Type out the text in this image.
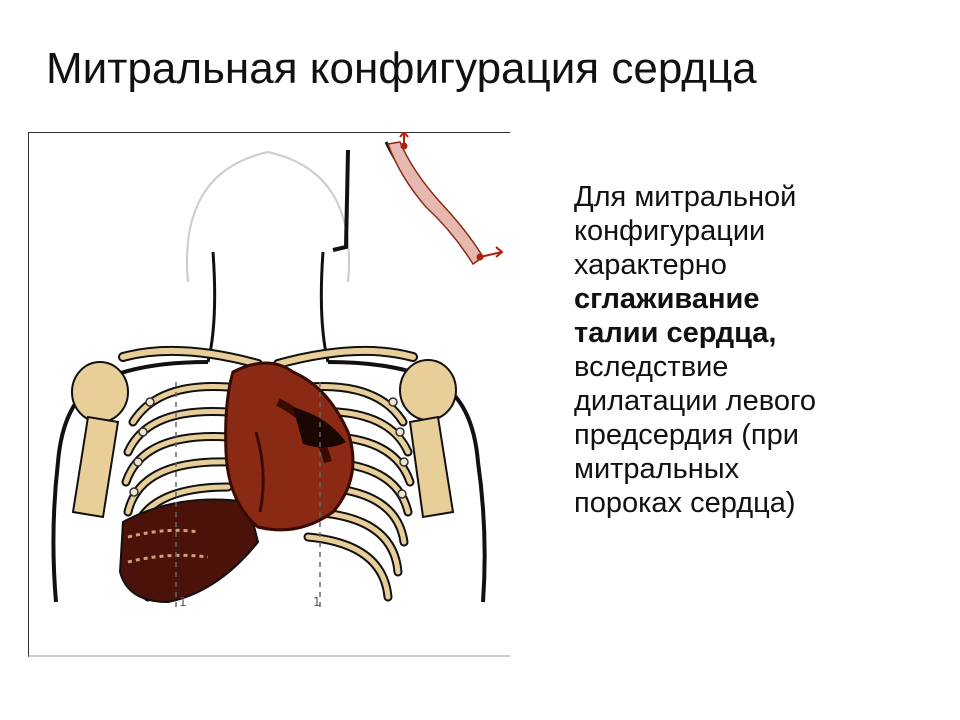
Митральная конфигурация сердца
1	1
Для митральной
конфигурации
характерно
сглаживание
талии сердца,
вследствие
дилатации левого
предсердия (при
митральных
пороках сердца)
